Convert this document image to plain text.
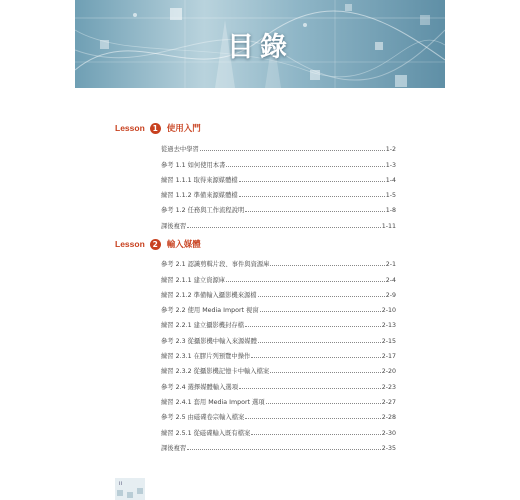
目錄
Lesson	1	使用入門
從過去中學習	1-2
參考 1.1 如何使用本書	1-3
練習 1.1.1 取得來源媒體檔	1-4
練習 1.1.2 準備來源媒體檔	1-5
參考 1.2 任務與工作流程說明	1-8
課後複習	1-11
Lesson	2	輸入媒體
參考 2.1 認識剪輯片段、事件與資源庫	2-1
練習 2.1.1 建立資源庫	2-4
練習 2.1.2 準備輸入攝影機來源檔	2-9
參考 2.2 使用 Media Import 視窗	2-10
練習 2.2.1 建立攝影機封存檔	2-13
參考 2.3 從攝影機中輸入來源媒體	2-15
練習 2.3.1 在膠片列預覽中操作	2-17
練習 2.3.2 從攝影機記憶卡中輸入檔案	2-20
參考 2.4 選擇媒體輸入選項	2-23
練習 2.4.1 套用 Media Import 選項	2-27
參考 2.5 由磁碟卷宗輸入檔案	2-28
練習 2.5.1 從磁碟輸入既有檔案	2-30
課後複習	2-35
ii
